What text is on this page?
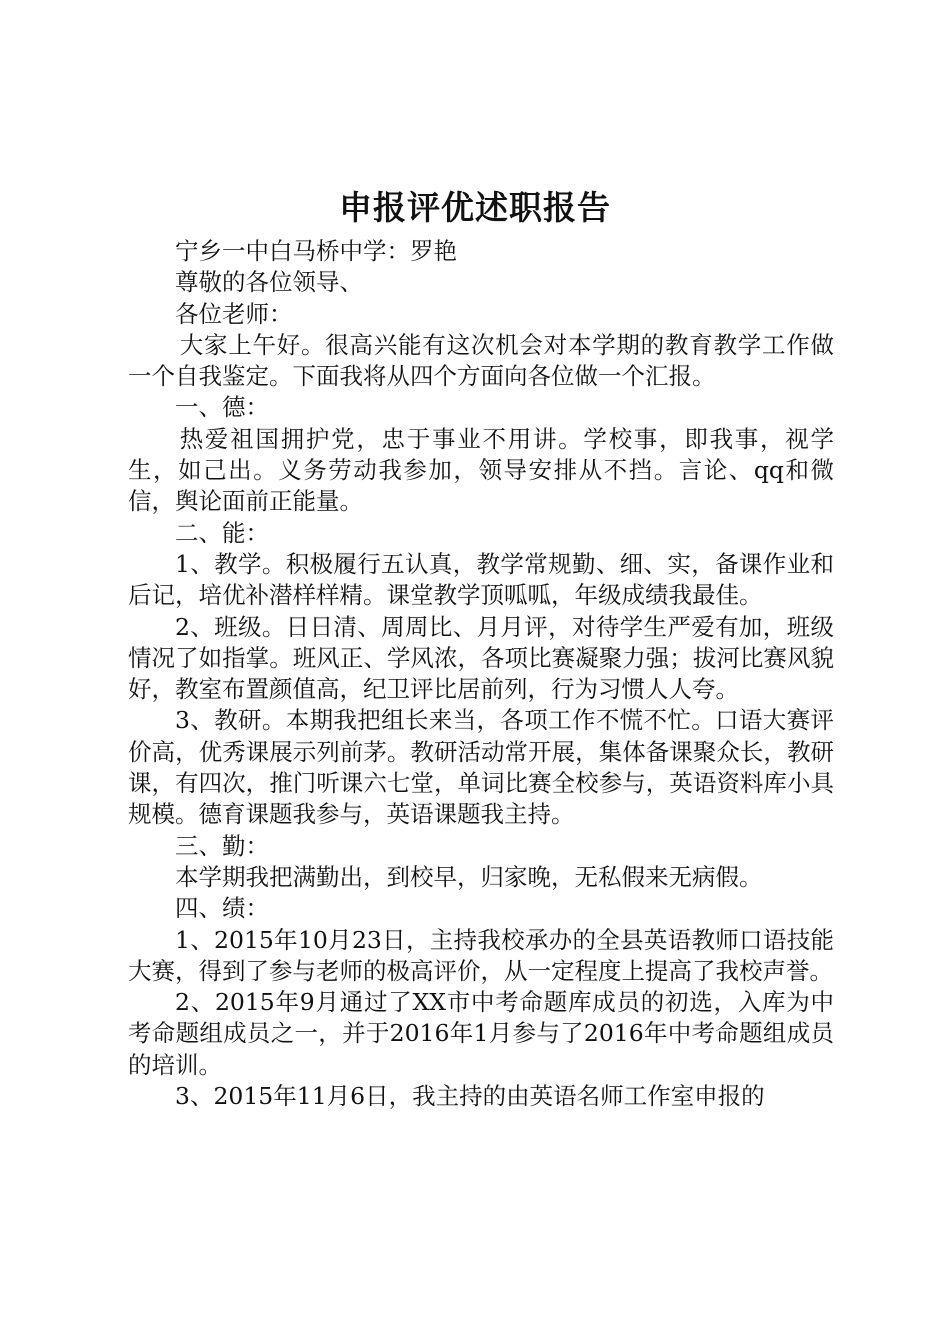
申报评优述职报告

宁乡一中白马桥中学：罗艳

尊敬的各位领导、

各位老师：

大家上午好。很高兴能有这次机会对本学期的教育教学工作做一个自我鉴定。下面我将从四个方面向各位做一个汇报。

一、德：

热爱祖国拥护党，忠于事业不用讲。学校事，即我事，视学生，如己出。义务劳动我参加，领导安排从不挡。言论、qq和微信，舆论面前正能量。

二、能：

1、教学。积极履行五认真，教学常规勤、细、实，备课作业和后记，培优补潜样样精。课堂教学顶呱呱，年级成绩我最佳。

2、班级。日日清、周周比、月月评，对待学生严爱有加，班级情况了如指掌。班风正、学风浓，各项比赛凝聚力强；拔河比赛风貌好，教室布置颜值高，纪卫评比居前列，行为习惯人人夸。

3、教研。本期我把组长来当，各项工作不慌不忙。口语大赛评价高，优秀课展示列前茅。教研活动常开展，集体备课聚众长，教研课，有四次，推门听课六七堂，单词比赛全校参与，英语资料库小具规模。德育课题我参与，英语课题我主持。

三、勤：

本学期我把满勤出，到校早，归家晚，无私假来无病假。

四、绩：

1、2015年10月23日，主持我校承办的全县英语教师口语技能大赛，得到了参与老师的极高评价，从一定程度上提高了我校声誉。

2、2015年9月通过了XX市中考命题库成员的初选，入库为中考命题组成员之一，并于2016年1月参与了2016年中考命题组成员的培训。

3、2015年11月6日，我主持的由英语名师工作室申报的
